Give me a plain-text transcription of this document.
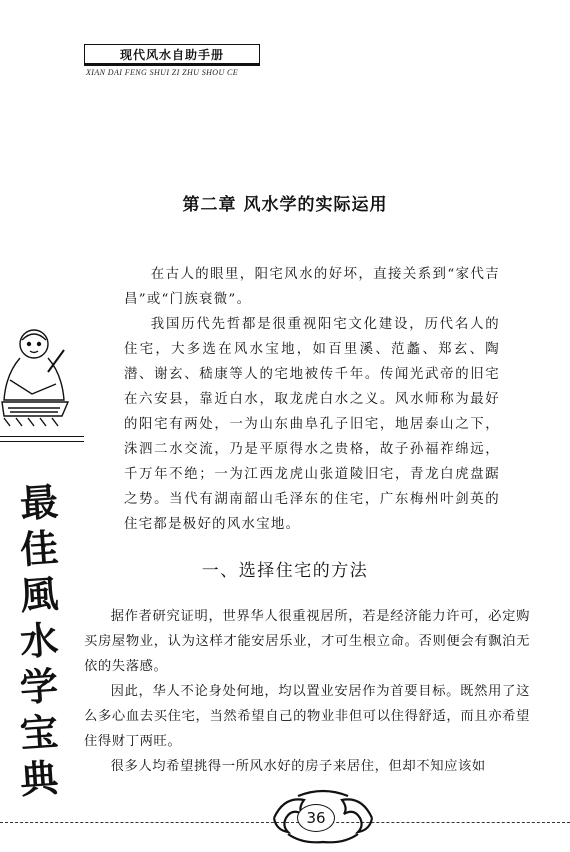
现代风水自助手册
XIAN DAI FENG SHUI ZI ZHU SHOU CE
第二章 风水学的实际运用

在古人的眼里，阳宅风水的好坏，直接关系到“家代吉昌”或“门族衰微”。

我国历代先哲都是很重视阳宅文化建设，历代名人的住宅，大多选在风水宝地，如百里溪、范蠡、郑玄、陶潜、谢玄、嵇康等人的宅地被传千年。传闻光武帝的旧宅在六安县，靠近白水，取龙虎白水之义。风水师称为最好的阳宅有两处，一为山东曲阜孔子旧宅，地居泰山之下，洙泗二水交流，乃是平原得水之贵格，故子孙福祚绵远，千万年不绝；一为江西龙虎山张道陵旧宅，青龙白虎盘踞之势。当代有湖南韶山毛泽东的住宅，广东梅州叶剑英的住宅都是极好的风水宝地。

一、选择住宅的方法

据作者研究证明，世界华人很重视居所，若是经济能力许可，必定购买房屋物业，认为这样才能安居乐业，才可生根立命。否则便会有飘泊无依的失落感。

因此，华人不论身处何地，均以置业安居作为首要目标。既然用了这么多心血去买住宅，当然希望自己的物业非但可以住得舒适，而且亦希望住得财丁两旺。

很多人均希望挑得一所风水好的房子来居住，但却不知应该如

最
佳
風
水
学
宝
典
36
